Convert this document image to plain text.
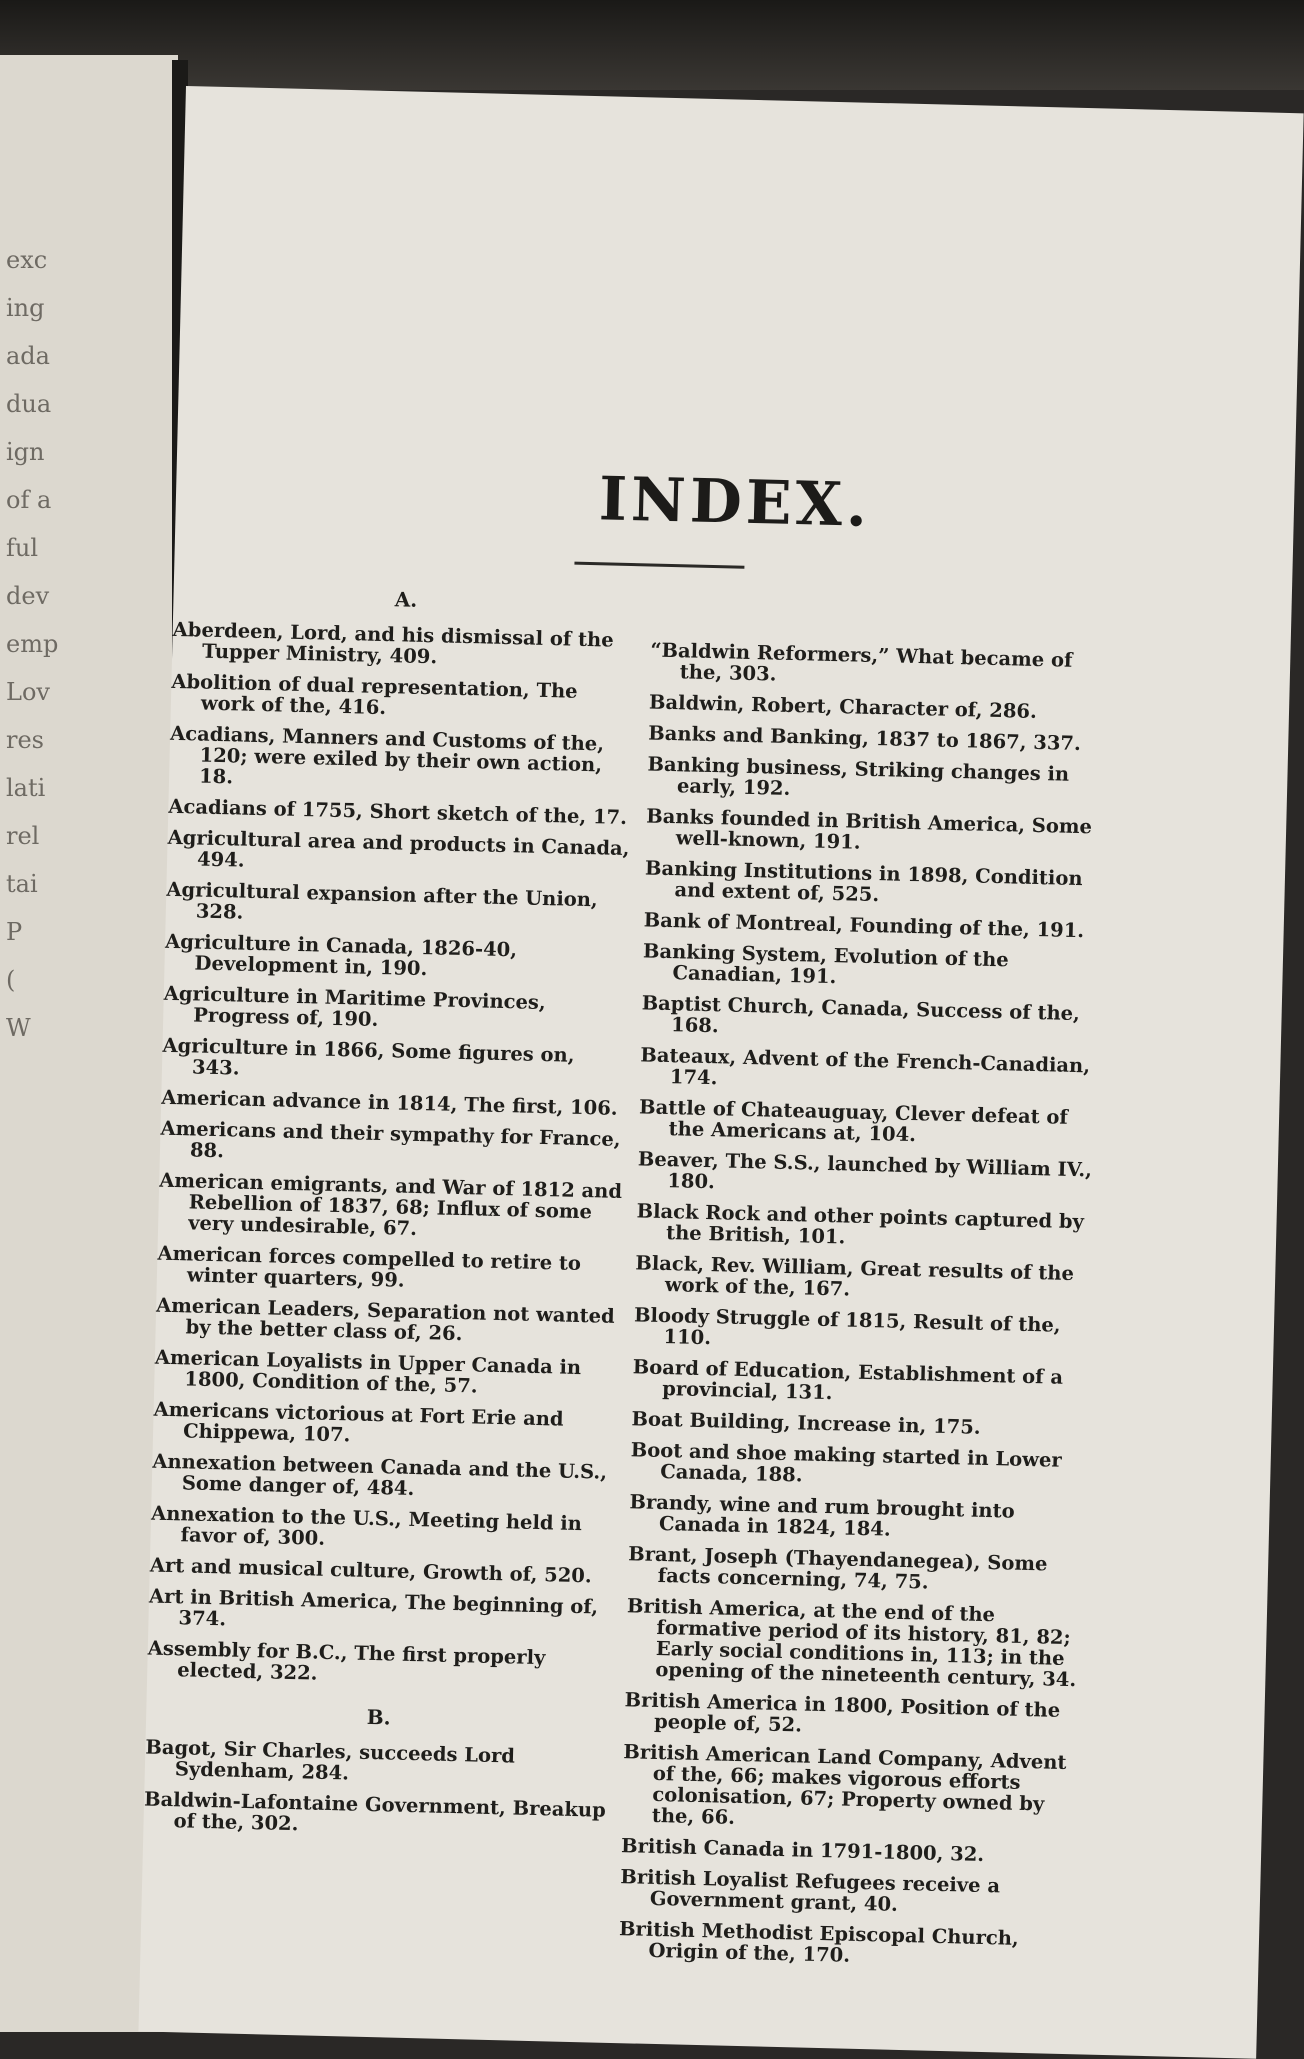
exc
ing
ada
dua
ign
of a
ful
dev
emp
Lov
res
lati
rel
tai
P
(
W
INDEX.
A.
Aberdeen, Lord, and his dismissal of the Tupper Ministry, 409.
Abolition of dual representation, The work of the, 416.
Acadians, Manners and Customs of the, 120; were exiled by their own action, 18.
Acadians of 1755, Short sketch of the, 17.
Agricultural area and products in Canada, 494.
Agricultural expansion after the Union, 328.
Agriculture in Canada, 1826-40, Development in, 190.
Agriculture in Maritime Provinces, Progress of, 190.
Agriculture in 1866, Some figures on, 343.
American advance in 1814, The first, 106.
Americans and their sympathy for France, 88.
American emigrants, and War of 1812 and Rebellion of 1837, 68; Influx of some very undesirable, 67.
American forces compelled to retire to winter quarters, 99.
American Leaders, Separation not wanted by the better class of, 26.
American Loyalists in Upper Canada in 1800, Condition of the, 57.
Americans victorious at Fort Erie and Chippewa, 107.
Annexation between Canada and the U.S., Some danger of, 484.
Annexation to the U.S., Meeting held in favor of, 300.
Art and musical culture, Growth of, 520.
Art in British America, The beginning of, 374.
Assembly for B.C., The first properly elected, 322.
B.
Bagot, Sir Charles, succeeds Lord Sydenham, 284.
Baldwin-Lafontaine Government, Breakup of the, 302.
“Baldwin Reformers,” What became of the, 303.
Baldwin, Robert, Character of, 286.
Banks and Banking, 1837 to 1867, 337.
Banking business, Striking changes in early, 192.
Banks founded in British America, Some well-known, 191.
Banking Institutions in 1898, Condition and extent of, 525.
Bank of Montreal, Founding of the, 191.
Banking System, Evolution of the Canadian, 191.
Baptist Church, Canada, Success of the, 168.
Bateaux, Advent of the French-Canadian, 174.
Battle of Chateauguay, Clever defeat of the Americans at, 104.
Beaver, The S.S., launched by William IV., 180.
Black Rock and other points captured by the British, 101.
Black, Rev. William, Great results of the work of the, 167.
Bloody Struggle of 1815, Result of the, 110.
Board of Education, Establishment of a provincial, 131.
Boat Building, Increase in, 175.
Boot and shoe making started in Lower Canada, 188.
Brandy, wine and rum brought into Canada in 1824, 184.
Brant, Joseph (Thayendanegea), Some facts concerning, 74, 75.
British America, at the end of the formative period of its history, 81, 82; Early social conditions in, 113; in the opening of the nineteenth century, 34.
British America in 1800, Position of the people of, 52.
British American Land Company, Advent of the, 66; makes vigorous efforts colonisation, 67; Property owned by the, 66.
British Canada in 1791-1800, 32.
British Loyalist Refugees receive a Government grant, 40.
British Methodist Episcopal Church, Origin of the, 170.
